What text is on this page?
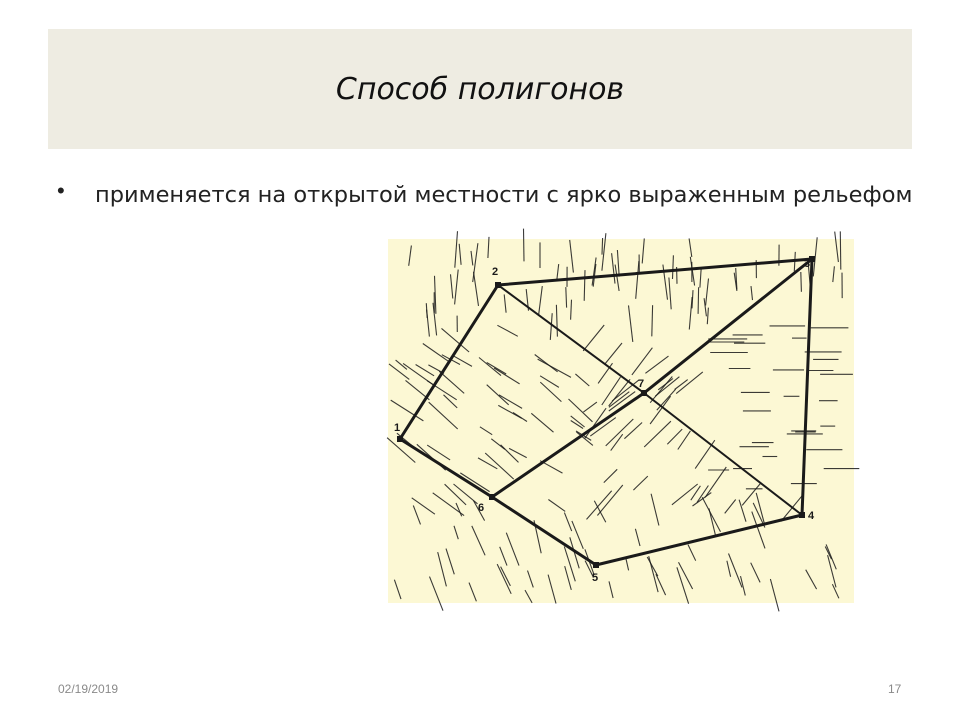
Способ полигонов
• применяется на открытой местности с ярко выраженным рельефом
1
2
3
4
5
6
7
02/19/2019	17
